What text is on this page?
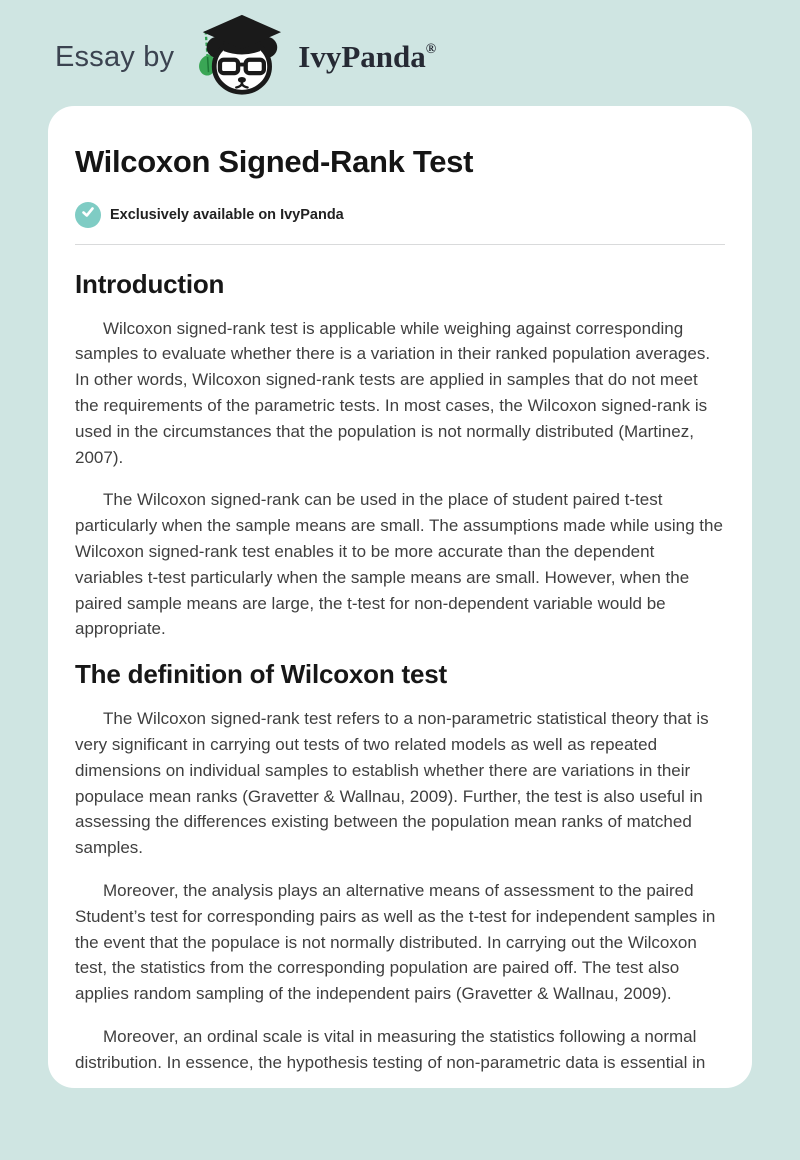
Essay by	IvyPanda®
Wilcoxon Signed-Rank Test
Exclusively available on IvyPanda
Introduction

Wilcoxon signed-rank test is applicable while weighing against corresponding samples to evaluate whether there is a variation in their ranked population averages. In other words, Wilcoxon signed-rank tests are applied in samples that do not meet the requirements of the parametric tests. In most cases, the Wilcoxon signed-rank is used in the circumstances that the population is not normally distributed (Martinez, 2007).

The Wilcoxon signed-rank can be used in the place of student paired t-test particularly when the sample means are small. The assumptions made while using the Wilcoxon signed-rank test enables it to be more accurate than the dependent variables t-test particularly when the sample means are small. However, when the paired sample means are large, the t-test for non-dependent variable would be appropriate.

The definition of Wilcoxon test

The Wilcoxon signed-rank test refers to a non-parametric statistical theory that is very significant in carrying out tests of two related models as well as repeated dimensions on individual samples to establish whether there are variations in their populace mean ranks (Gravetter & Wallnau, 2009). Further, the test is also useful in assessing the differences existing between the population mean ranks of matched samples.

Moreover, the analysis plays an alternative means of assessment to the paired Student’s test for corresponding pairs as well as the t-test for independent samples in the event that the populace is not normally distributed. In carrying out the Wilcoxon test, the statistics from the corresponding population are paired off. The test also applies random sampling of the independent pairs (Gravetter & Wallnau, 2009).

Moreover, an ordinal scale is vital in measuring the statistics following a normal distribution. In essence, the hypothesis testing of non-parametric data is essential in
